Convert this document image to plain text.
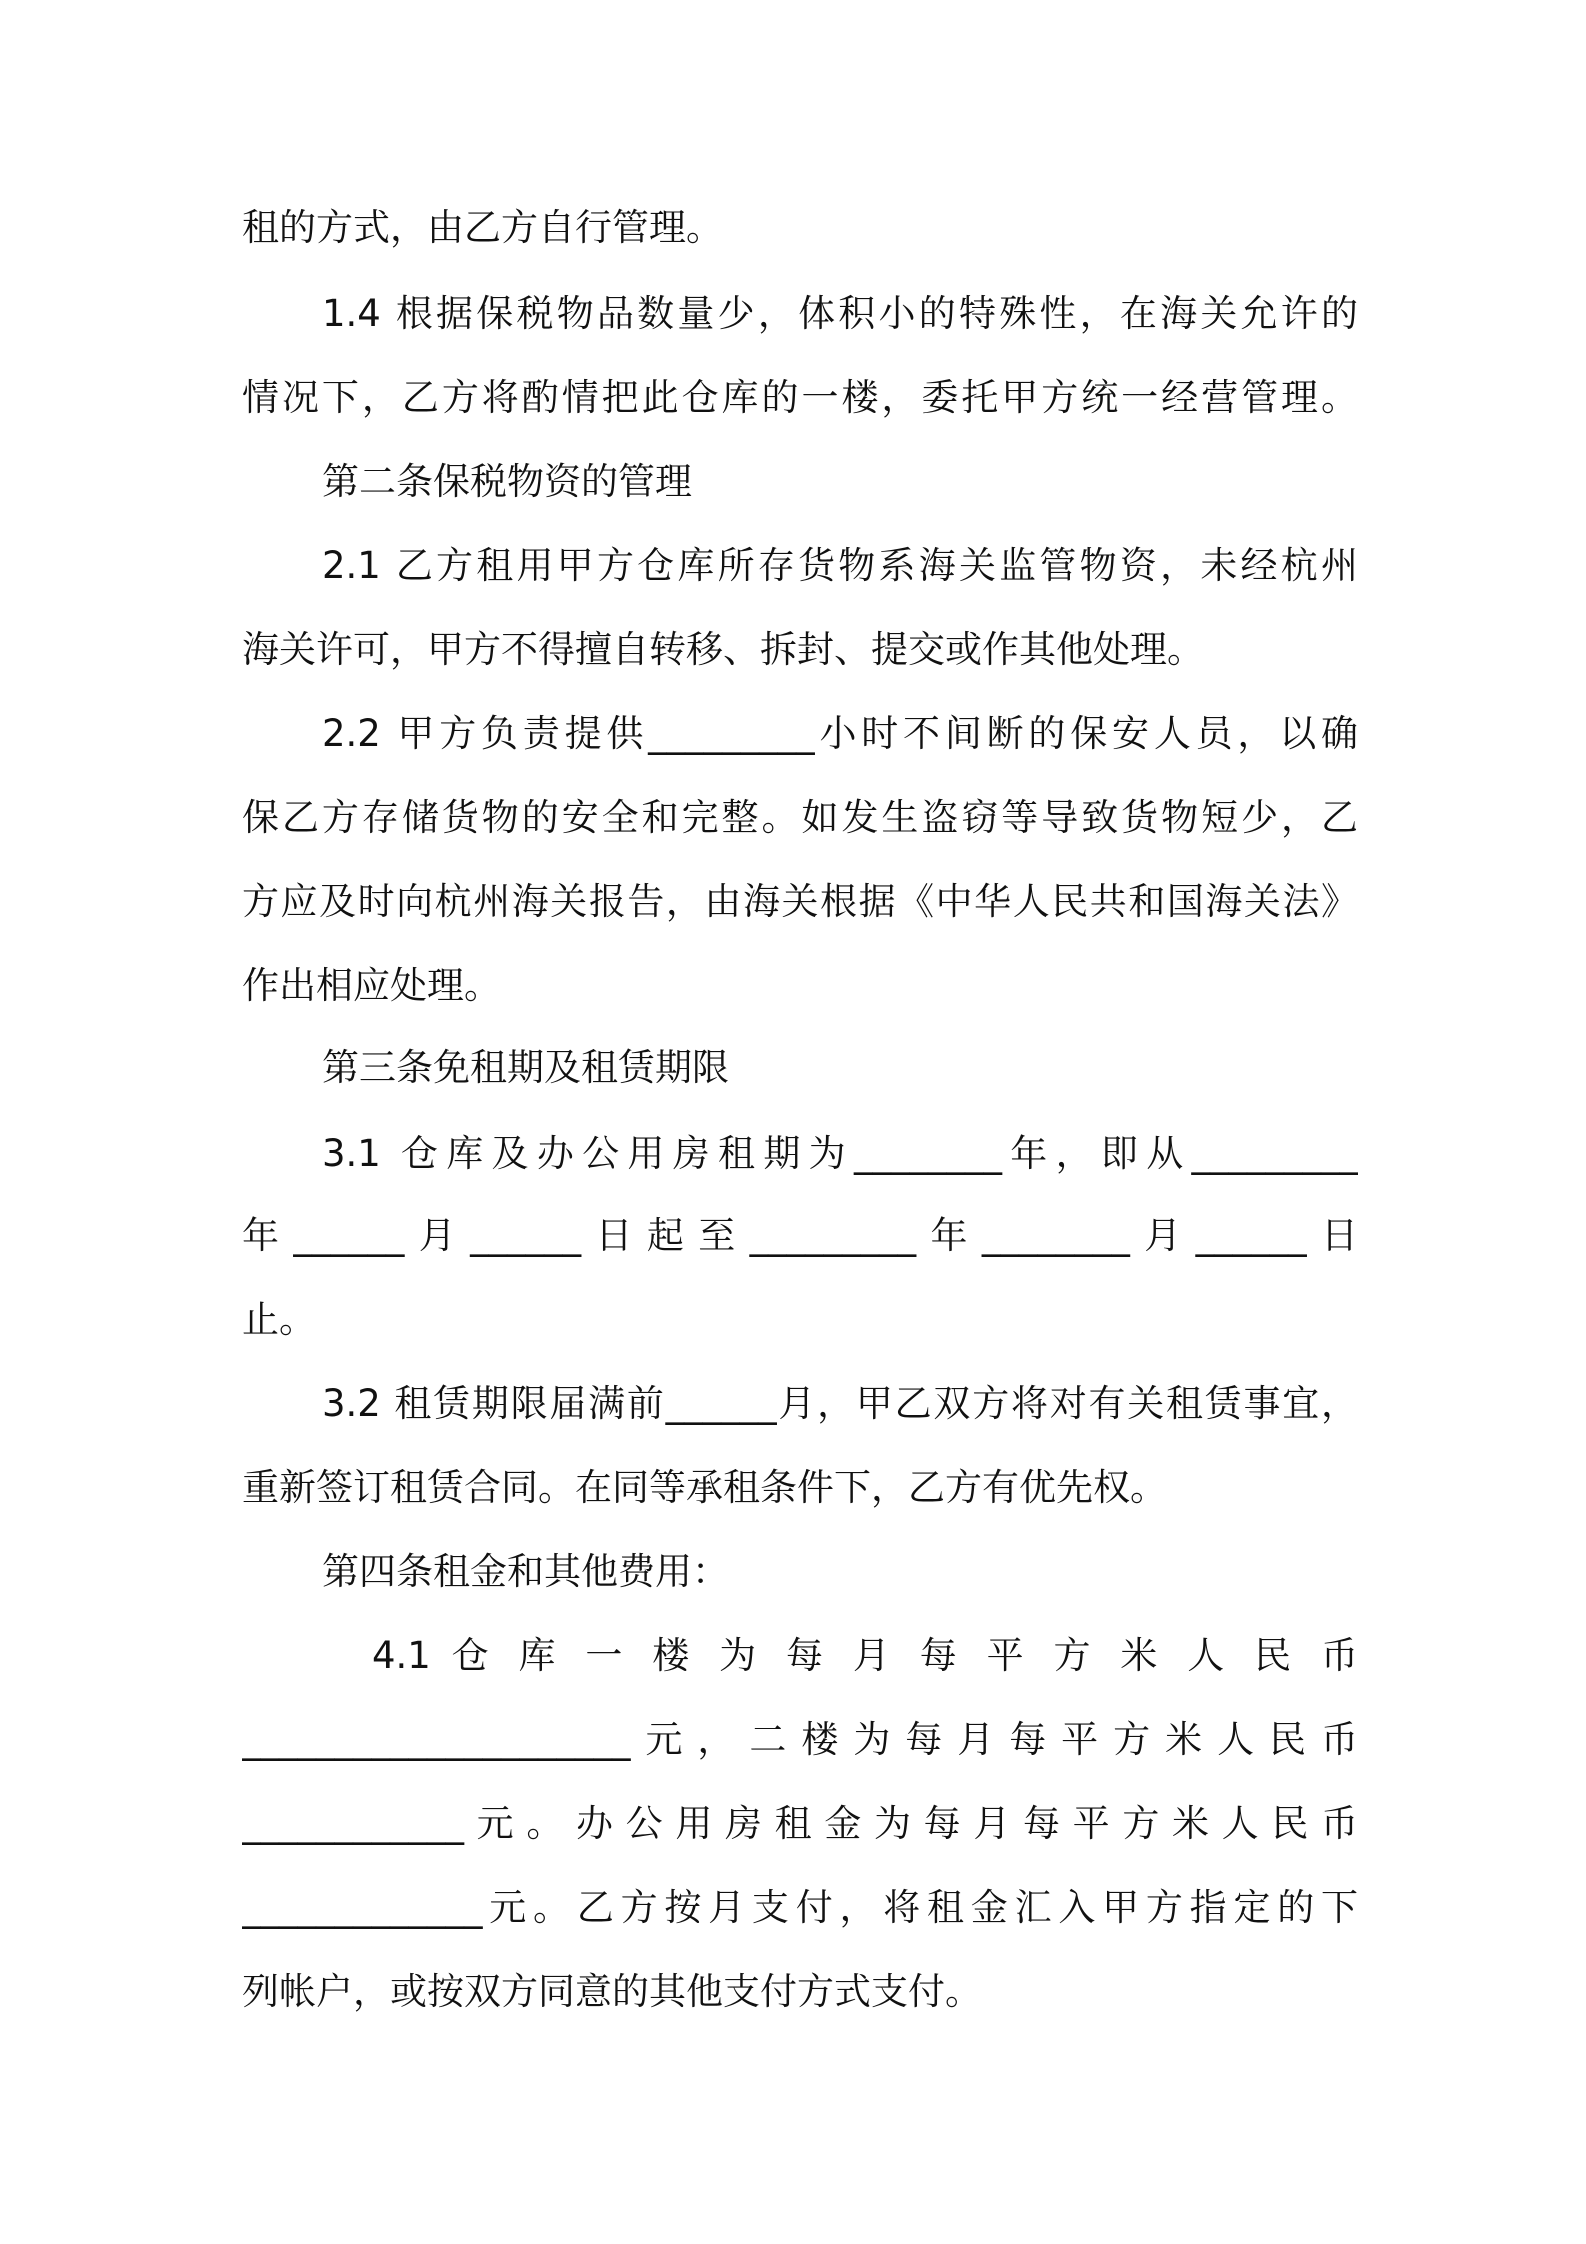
租的方式，由乙方自行管理。
1.4 根据保税物品数量少，体积小的特殊性，在海关允许的
情况下，乙方将酌情把此仓库的一楼，委托甲方统一经营管理。
第二条保税物资的管理
2.1 乙方租用甲方仓库所存货物系海关监管物资，未经杭州
海关许可，甲方不得擅自转移、拆封、提交或作其他处理。
2.2 甲方负责提供_________小时不间断的保安人员，以确
保乙方存储货物的安全和完整。如发生盗窃等导致货物短少，乙
方应及时向杭州海关报告，由海关根据《中华人民共和国海关法》
作出相应处理。
第三条免租期及租赁期限
3.1 仓库及办公用房租期为________年，即从_________
年______月______日起至_________年________月______日
止。
3.2 租赁期限届满前______月，甲乙双方将对有关租赁事宜，
重新签订租赁合同。在同等承租条件下，乙方有优先权。
第四条租金和其他费用：
4.1 仓 库 一 楼 为 每 月 每 平 方 米 人 民 币
_____________________元，二楼为每月每平方米人民币
____________元。办公用房租金为每月每平方米人民币
_____________元。乙方按月支付，将租金汇入甲方指定的下
列帐户，或按双方同意的其他支付方式支付。
